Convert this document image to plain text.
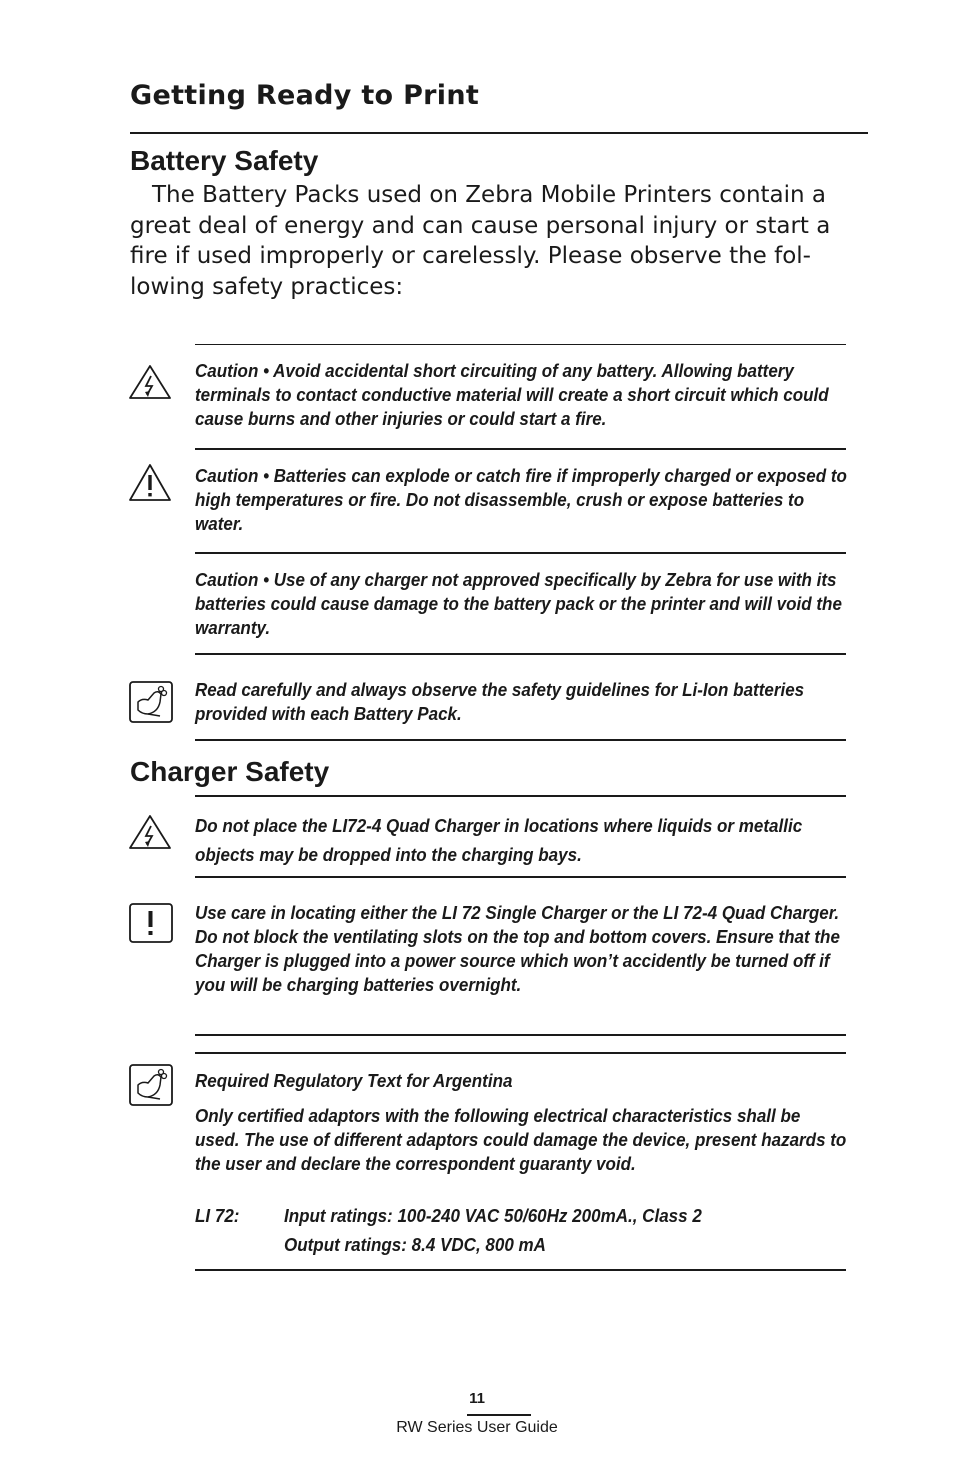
Getting Ready to Print
Battery Safety

The Battery Packs used on Zebra Mobile Printers contain a great deal of energy and can cause personal injury or start a fire if used improperly or carelessly. Please observe the fol-lowing safety practices:

Caution • Avoid accidental short circuiting of any battery. Allowing battery terminals to contact conductive material will create a short circuit which could cause burns and other injuries or could start a fire.

Caution • Batteries can explode or catch fire if improperly charged or exposed to high temperatures or fire. Do not disassemble, crush or expose batteries to water.

Caution • Use of any charger not approved specifically by Zebra for use with its batteries could cause damage to the battery pack or the printer and will void the warranty.

Read carefully and always observe the safety guidelines for Li-Ion batteries provided with each Battery Pack.

Charger Safety

Do not place the LI72-4 Quad Charger in locations where liquids or metallic objects may be dropped into the charging bays.

Use care in locating either the LI 72 Single Charger or the LI 72-4 Quad Charger. Do not block the ventilating slots on the top and bottom covers. Ensure that the Charger is plugged into a power source which won’t accidently be turned off if you will be charging batteries overnight.

Required Regulatory Text for Argentina

Only certified adaptors with the following electrical characteristics shall be used. The use of different adaptors could damage the device, present hazards to the user and declare the correspondent guaranty void.

LI 72:	Input ratings: 100-240 VAC 50/60Hz 200mA., Class 2

Output ratings: 8.4 VDC, 800 mA

11
RW Series User Guide
